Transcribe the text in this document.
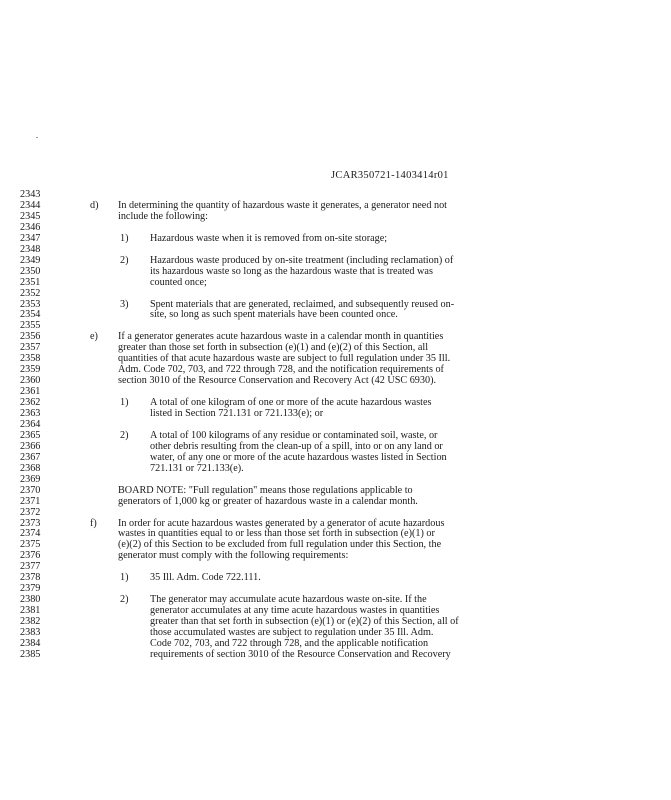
JCAR350721-1403414r01
2343
2344	d) In determining the quantity of hazardous waste it generates, a generator need not
2345	include the following:
2346
2347	1) Hazardous waste when it is removed from on-site storage;
2348
2349	2) Hazardous waste produced by on-site treatment (including reclamation) of
2350	its hazardous waste so long as the hazardous waste that is treated was
2351	counted once;
2352
2353	3) Spent materials that are generated, reclaimed, and subsequently reused on-
2354	site, so long as such spent materials have been counted once.
2355
2356	e) If a generator generates acute hazardous waste in a calendar month in quantities
2357	greater than those set forth in subsection (e)(1) and (e)(2) of this Section, all
2358	quantities of that acute hazardous waste are subject to full regulation under 35 Ill.
2359	Adm. Code 702, 703, and 722 through 728, and the notification requirements of
2360	section 3010 of the Resource Conservation and Recovery Act (42 USC 6930).
2361
2362	1) A total of one kilogram of one or more of the acute hazardous wastes
2363	listed in Section 721.131 or 721.133(e); or
2364
2365	2) A total of 100 kilograms of any residue or contaminated soil, waste, or
2366	other debris resulting from the clean-up of a spill, into or on any land or
2367	water, of any one or more of the acute hazardous wastes listed in Section
2368	721.131 or 721.133(e).
2369
2370	BOARD NOTE: "Full regulation" means those regulations applicable to
2371	generators of 1,000 kg or greater of hazardous waste in a calendar month.
2372
2373	f) In order for acute hazardous wastes generated by a generator of acute hazardous
2374	wastes in quantities equal to or less than those set forth in subsection (e)(1) or
2375	(e)(2) of this Section to be excluded from full regulation under this Section, the
2376	generator must comply with the following requirements:
2377
2378	1) 35 Ill. Adm. Code 722.111.
2379
2380	2) The generator may accumulate acute hazardous waste on-site. If the
2381	generator accumulates at any time acute hazardous wastes in quantities
2382	greater than that set forth in subsection (e)(1) or (e)(2) of this Section, all of
2383	those accumulated wastes are subject to regulation under 35 Ill. Adm.
2384	Code 702, 703, and 722 through 728, and the applicable notification
2385	requirements of section 3010 of the Resource Conservation and Recovery
